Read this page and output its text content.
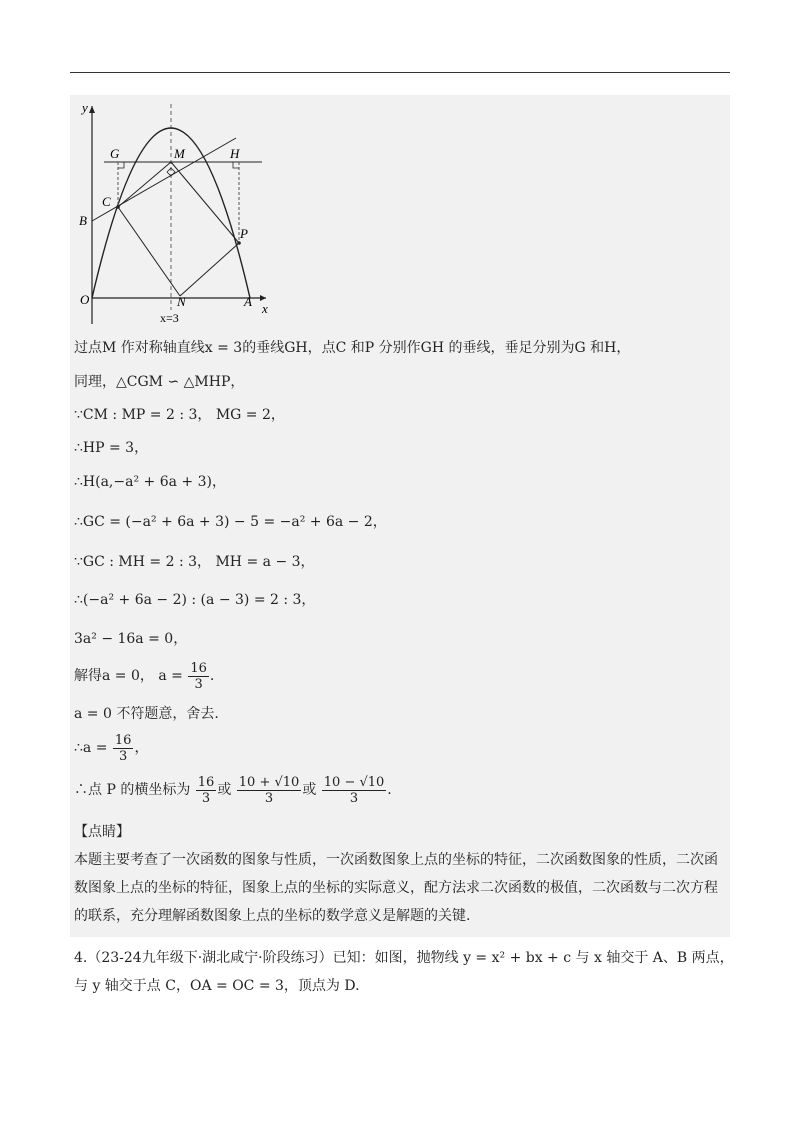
y
x
G	M	H
C
B
P
O	N	A
x=3
过点M 作对称轴直线x = 3的垂线GH，点C 和P 分别作GH 的垂线，垂足分别为G 和H，
同理，△CGM ∽ △MHP，
∵CM : MP = 2 : 3， MG = 2，
∴HP = 3，
∴H(a,−a² + 6a + 3)，
∴GC = (−a² + 6a + 3) − 5 = −a² + 6a − 2，
∵GC : MH = 2 : 3， MH = a − 3，
∴(−a² + 6a − 2) : (a − 3) = 2 : 3，
3a² − 16a = 0，
解得a = 0， $a = \frac{16}{3}$ .
a = 0 不符题意，舍去.
∴a = $\frac{16}{3}$ ，
∴点 P 的横坐标为 $\frac{16}{3}$ 或 $\frac{10 + √10}{3}$ 或 $\frac{10 - √10}{3}$ .
【点睛】
本题主要考查了一次函数的图象与性质，一次函数图象上点的坐标的特征，二次函数图象的性质，二次函数图象上点的坐标的特征，图象上点的坐标的实际意义，配方法求二次函数的极值，二次函数与二次方程的联系，充分理解函数图象上点的坐标的数学意义是解题的关键.
4.（23-24九年级下·湖北咸宁·阶段练习）已知：如图，抛物线 y = x² + bx + c 与 x 轴交于 A、B 两点，与 y 轴交于点 C，OA = OC = 3，顶点为 D.
